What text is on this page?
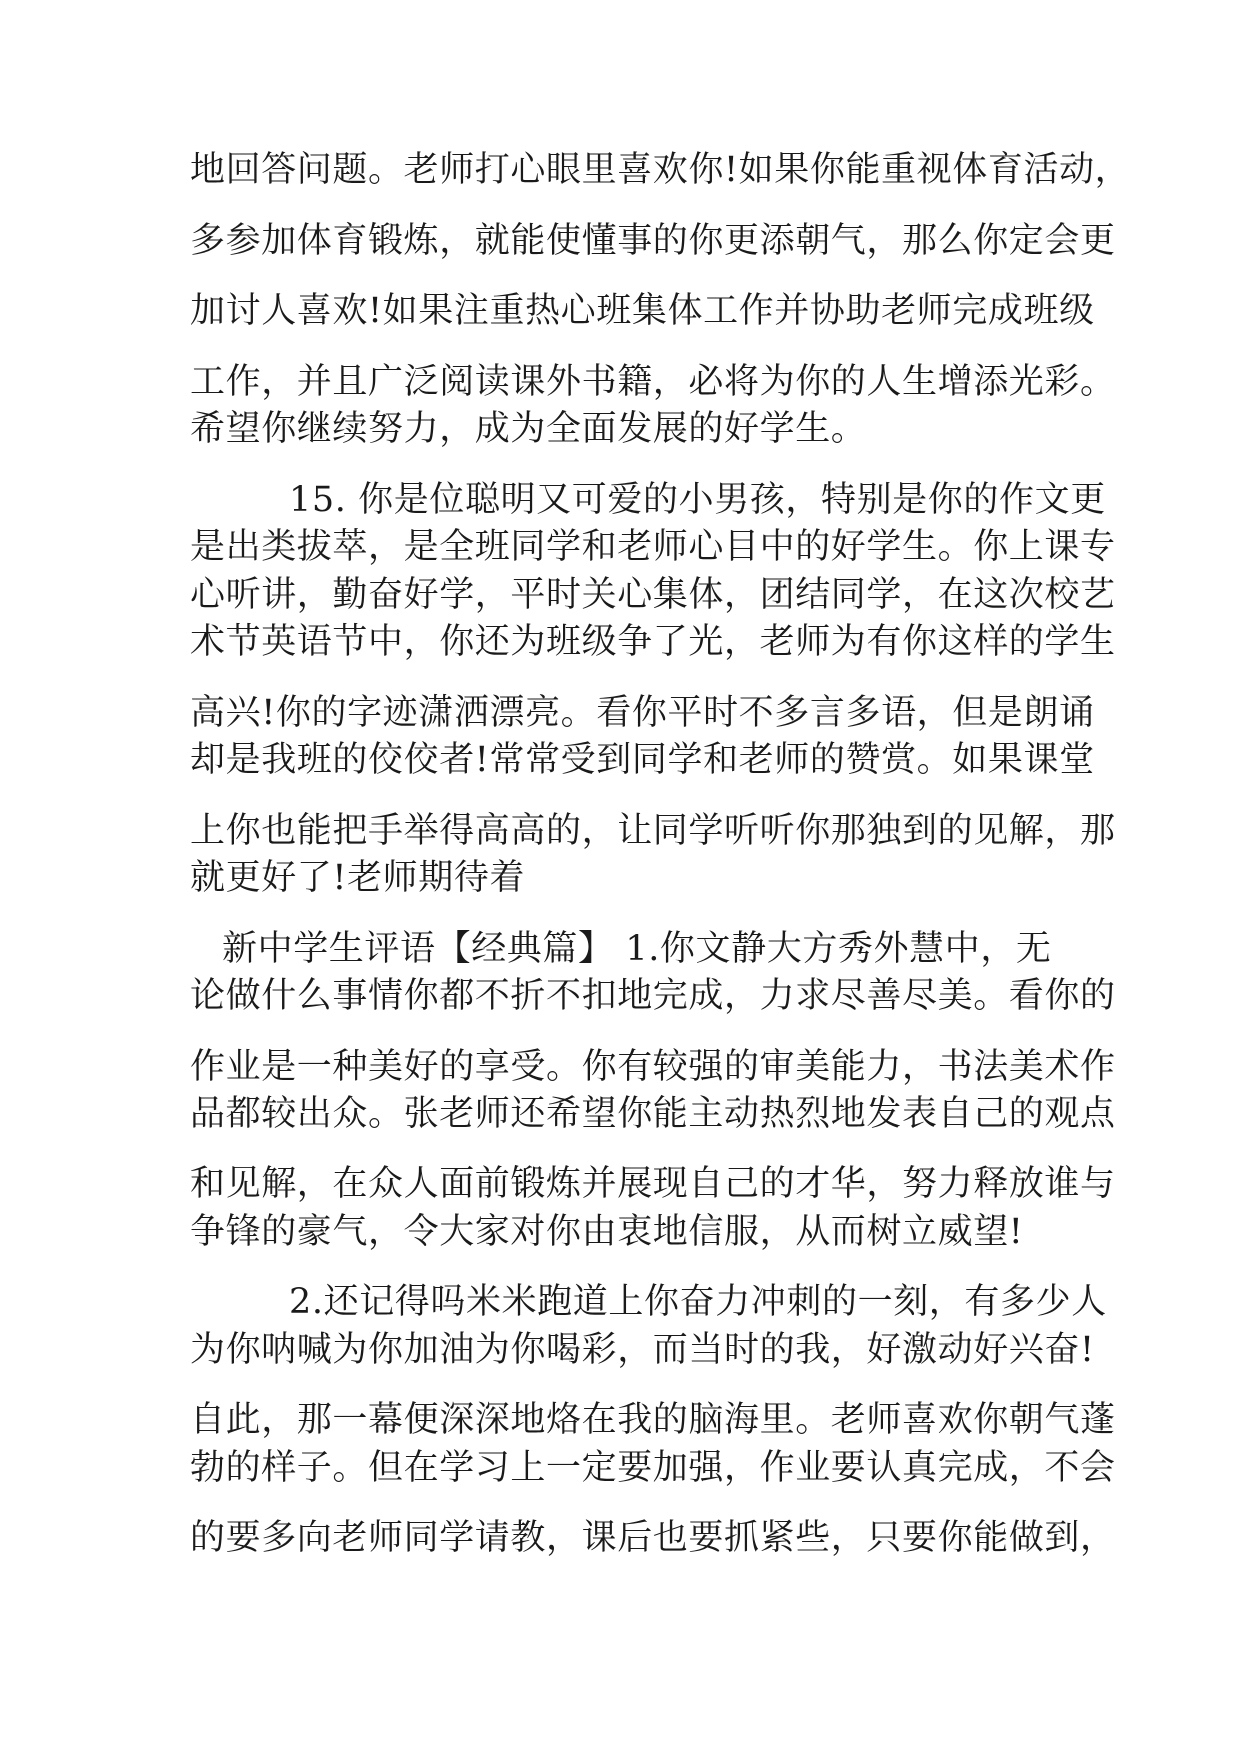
地回答问题。老师打心眼里喜欢你!如果你能重视体育活动，
多参加体育锻炼，就能使懂事的你更添朝气，那么你定会更
加讨人喜欢!如果注重热心班集体工作并协助老师完成班级
工作，并且广泛阅读课外书籍，必将为你的人生增添光彩。
希望你继续努力，成为全面发展的好学生。
15. 你是位聪明又可爱的小男孩，特别是你的作文更
是出类拔萃，是全班同学和老师心目中的好学生。你上课专
心听讲，勤奋好学，平时关心集体，团结同学，在这次校艺
术节英语节中，你还为班级争了光，老师为有你这样的学生
高兴!你的字迹潇洒漂亮。看你平时不多言多语，但是朗诵
却是我班的佼佼者!常常受到同学和老师的赞赏。如果课堂
上你也能把手举得高高的，让同学听听你那独到的见解，那
就更好了!老师期待着
新中学生评语【经典篇】 1.你文静大方秀外慧中，无
论做什么事情你都不折不扣地完成，力求尽善尽美。看你的
作业是一种美好的享受。你有较强的审美能力，书法美术作
品都较出众。张老师还希望你能主动热烈地发表自己的观点
和见解，在众人面前锻炼并展现自己的才华，努力释放谁与
争锋的豪气，令大家对你由衷地信服，从而树立威望!
2.还记得吗米米跑道上你奋力冲刺的一刻，有多少人
为你呐喊为你加油为你喝彩，而当时的我，好激动好兴奋!
自此，那一幕便深深地烙在我的脑海里。老师喜欢你朝气蓬
勃的样子。但在学习上一定要加强，作业要认真完成，不会
的要多向老师同学请教，课后也要抓紧些，只要你能做到，
